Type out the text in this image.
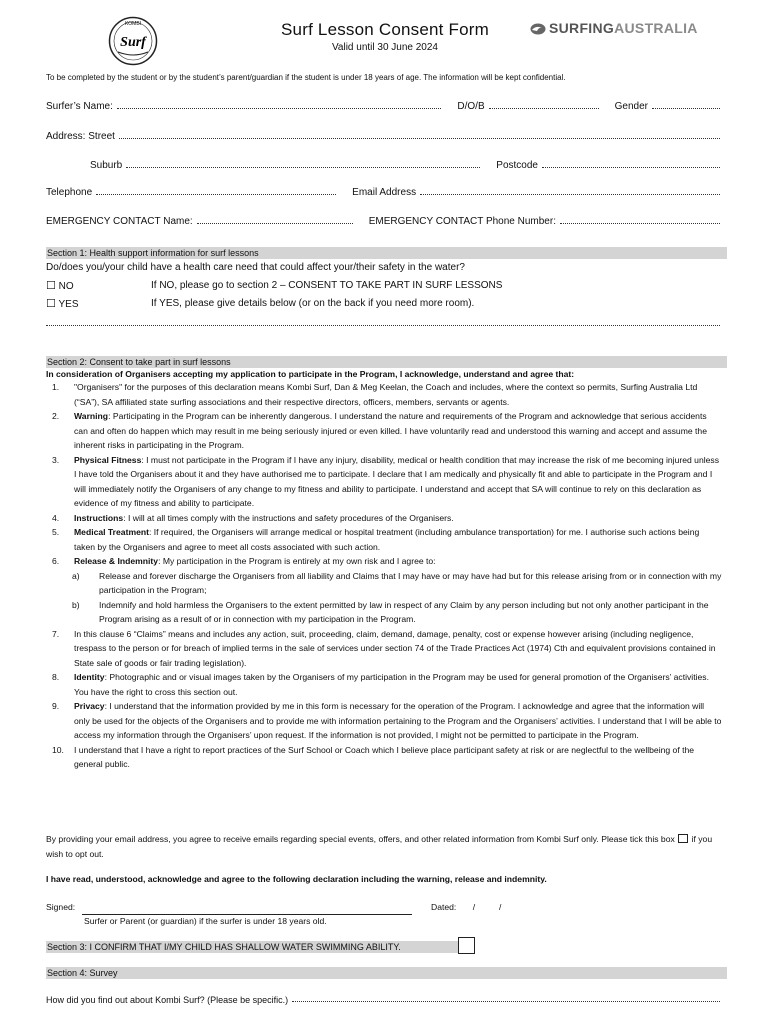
KOMBI
Surf
Surf Lesson Consent Form
Valid until 30 June 2024
SURFINGAUSTRALIA
To be completed by the student or by the student’s parent/guardian if the student is under 18 years of age. The information will be kept confidential.
Surfer’s Name:	D/O/B	Gender
Address: Street
Suburb	Postcode
Telephone	Email Address
EMERGENCY CONTACT Name:	EMERGENCY CONTACT Phone Number:
Section 1: Health support information for surf lessons
Do/does you/your child have a health care need that could affect your/their safety in the water?
☐ NO	If NO, please go to section 2 – CONSENT TO TAKE PART IN SURF LESSONS
☐ YES	If YES, please give details below (or on the back if you need more room).
Section 2: Consent to take part in surf lessons
In consideration of Organisers accepting my application to participate in the Program, I acknowledge, understand and agree that:
1. "Organisers" for the purposes of this declaration means Kombi Surf, Dan & Meg Keelan, the Coach and includes, where the context so permits, Surfing Australia Ltd (“SA”), SA affiliated state surfing associations and their respective directors, officers, members, servants or agents.
2. Warning: Participating in the Program can be inherently dangerous. I understand the nature and requirements of the Program and acknowledge that serious accidents can and often do happen which may result in me being seriously injured or even killed. I have voluntarily read and understood this warning and accept and assume the inherent risks in participating in the Program.
3. Physical Fitness: I must not participate in the Program if I have any injury, disability, medical or health condition that may increase the risk of me becoming injured unless I have told the Organisers about it and they have authorised me to participate. I declare that I am medically and physically fit and able to participate in the Program and I will immediately notify the Organisers of any change to my fitness and ability to participate. I understand and accept that SA will continue to rely on this declaration as evidence of my fitness and ability to participate.
4. Instructions: I will at all times comply with the instructions and safety procedures of the Organisers.
5. Medical Treatment: If required, the Organisers will arrange medical or hospital treatment (including ambulance transportation) for me. I authorise such actions being taken by the Organisers and agree to meet all costs associated with such action.
6. Release & Indemnity: My participation in the Program is entirely at my own risk and I agree to:
a) Release and forever discharge the Organisers from all liability and Claims that I may have or may have had but for this release arising from or in connection with my participation in the Program;
b) Indemnify and hold harmless the Organisers to the extent permitted by law in respect of any Claim by any person including but not only another participant in the Program arising as a result of or in connection with my participation in the Program.
7. In this clause 6 “Claims” means and includes any action, suit, proceeding, claim, demand, damage, penalty, cost or expense however arising (including negligence, trespass to the person or for breach of implied terms in the sale of services under section 74 of the Trade Practices Act (1974) Cth and equivalent provisions contained in State sale of goods or fair trading legislation).
8. Identity: Photographic and or visual images taken by the Organisers of my participation in the Program may be used for general promotion of the Organisers’ activities. You have the right to cross this section out.
9. Privacy: I understand that the information provided by me in this form is necessary for the operation of the Program. I acknowledge and agree that the information will only be used for the objects of the Organisers and to provide me with information pertaining to the Program and the Organisers’ activities. I understand that I will be able to access my information through the Organisers’ upon request. If the information is not provided, I might not be permitted to participate in the Program.
10. I understand that I have a right to report practices of the Surf School or Coach which I believe place participant safety at risk or are neglectful to the wellbeing of the general public.
By providing your email address, you agree to receive emails regarding special events, offers, and other related information from Kombi Surf only. Please tick this box if you wish to opt out.
I have read, understood, acknowledge and agree to the following declaration including the warning, release and indemnity.
Signed:	Dated: /          /
Surfer or Parent (or guardian) if the surfer is under 18 years old.
Section 3: I CONFIRM THAT I/MY CHILD HAS SHALLOW WATER SWIMMING ABILITY.
Section 4: Survey
How did you find out about Kombi Surf? (Please be specific.)
